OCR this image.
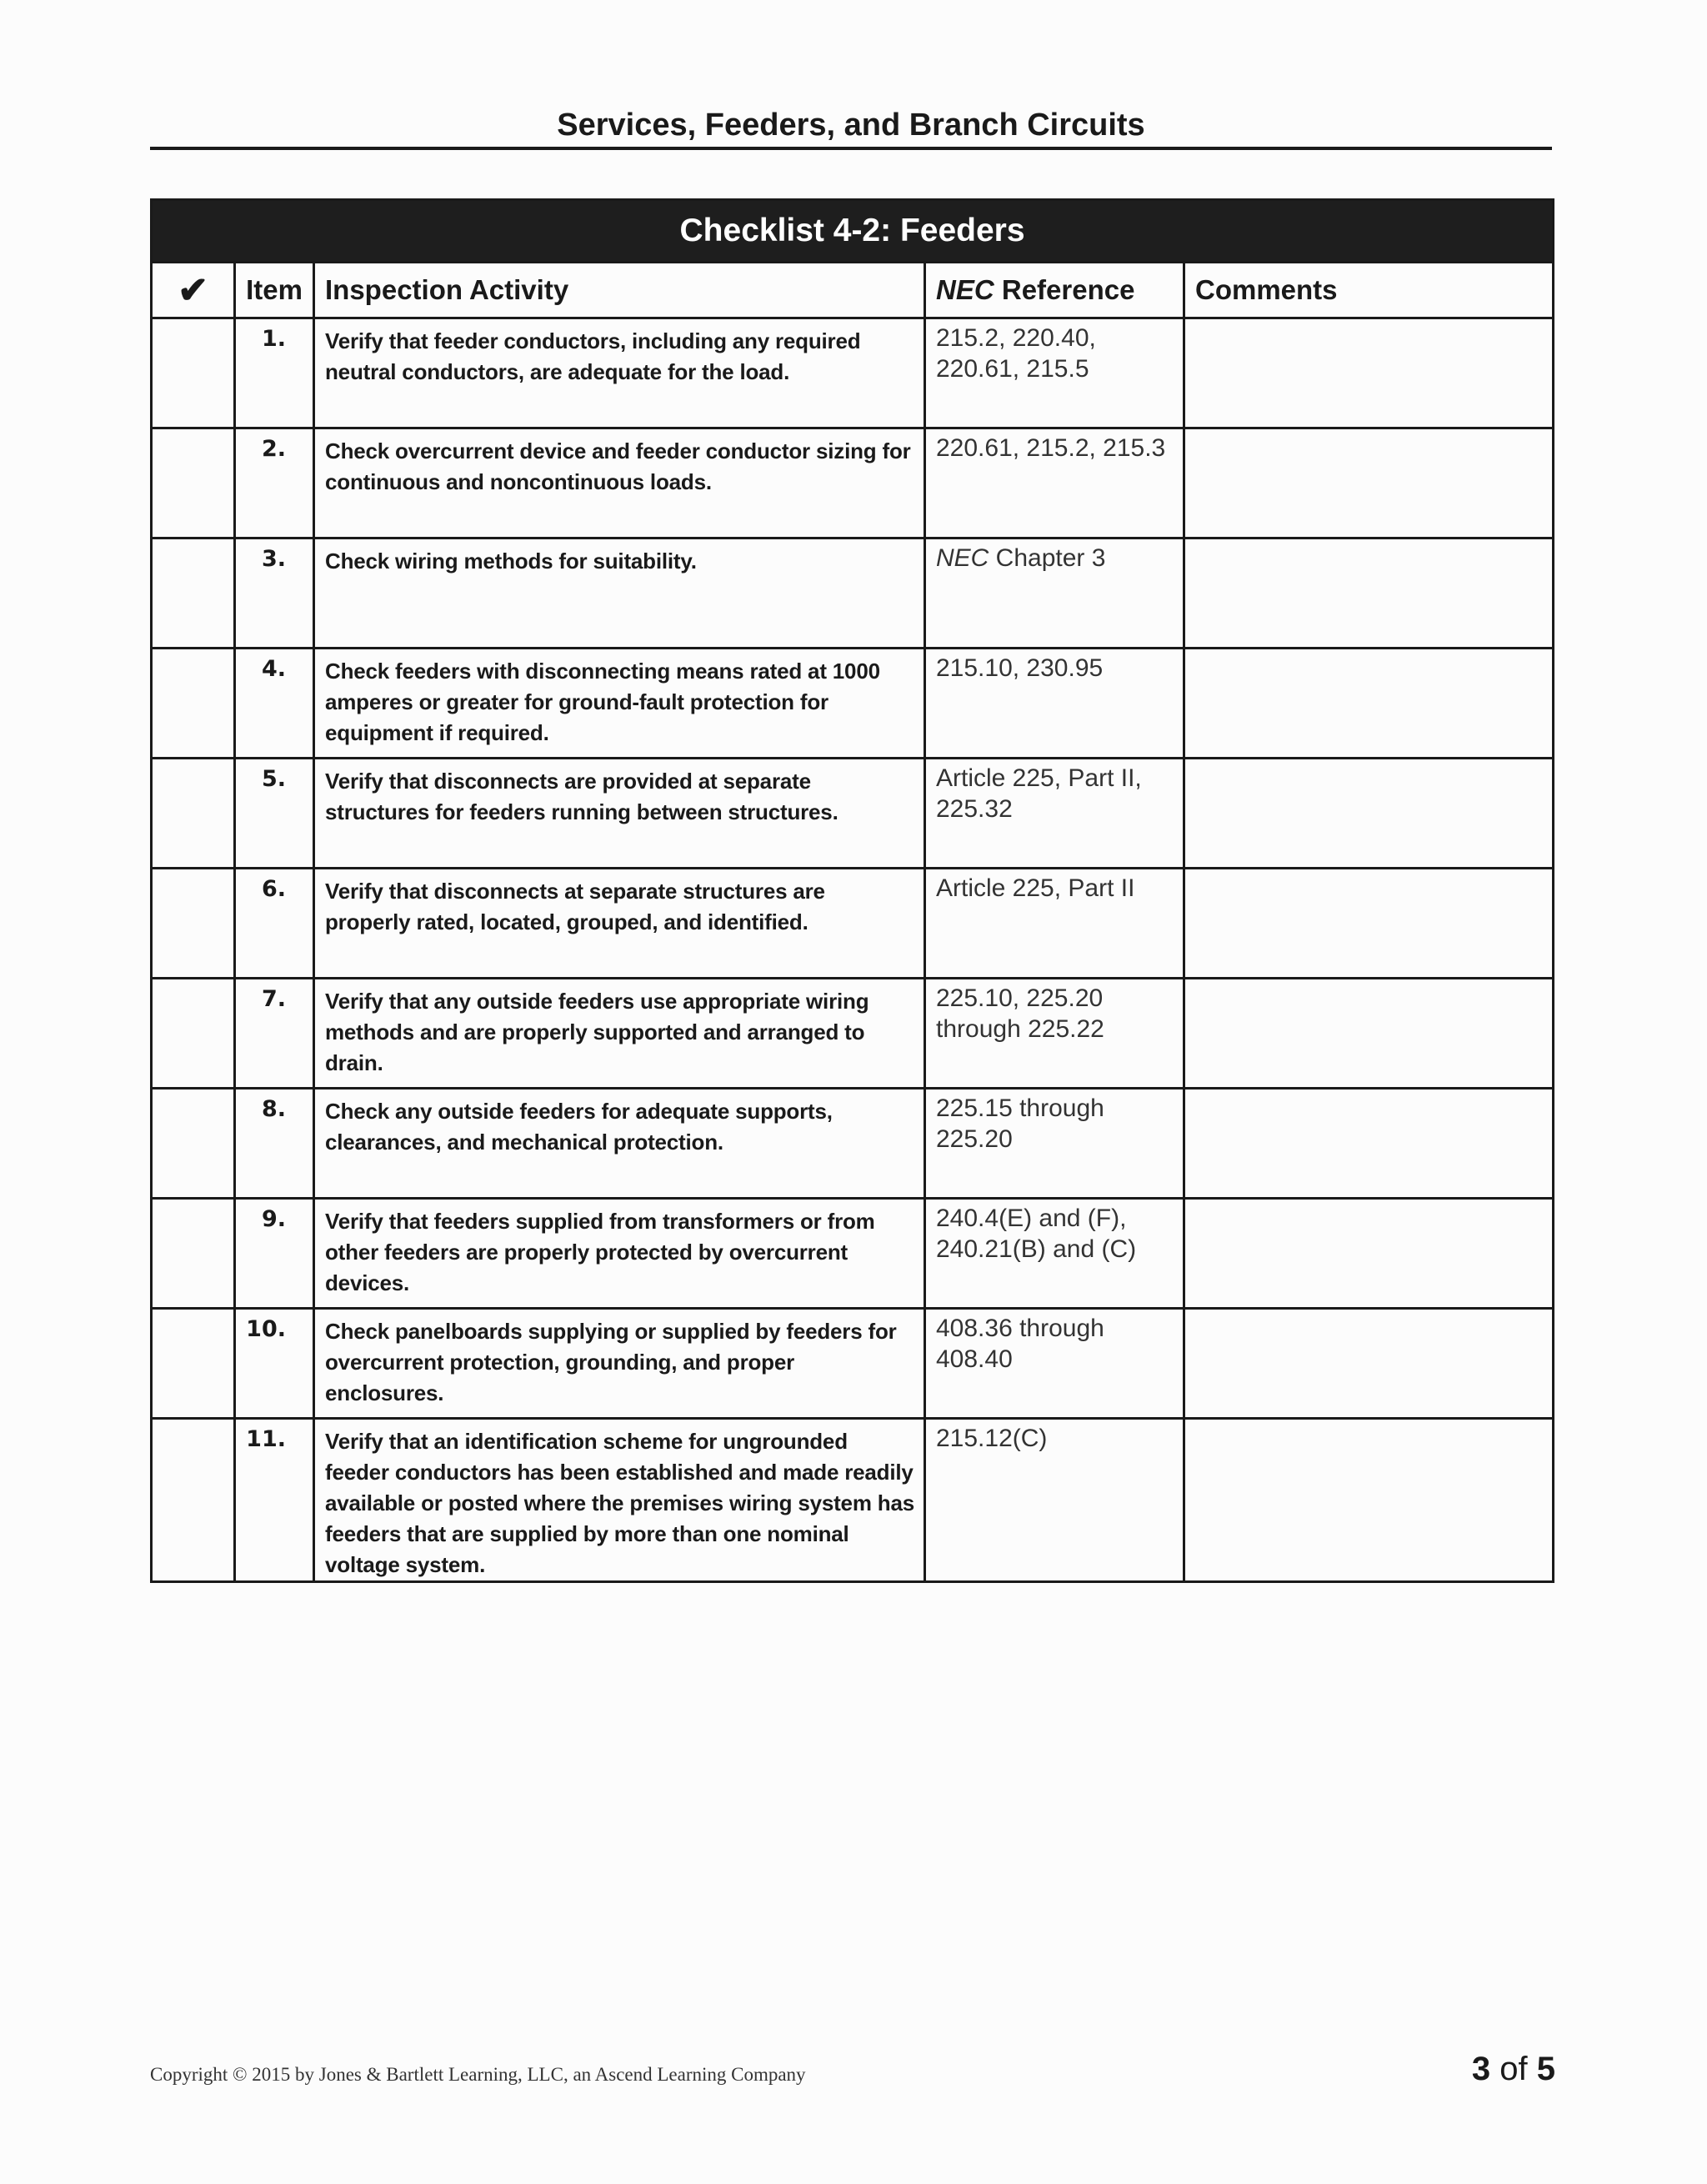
Services, Feeders, and Branch Circuits
Checklist 4-2: Feeders				
✔	Item	Inspection Activity	NEC Reference	Comments
	1.	Verify that feeder conductors, including any required neutral conductors, are adequate for the load.	215.2, 220.40, 220.61, 215.5	
	2.	Check overcurrent device and feeder conductor sizing for continuous and noncontinuous loads.	220.61, 215.2, 215.3	
	3.	Check wiring methods for suitability.	NEC Chapter 3	
	4.	Check feeders with disconnecting means rated at 1000 amperes or greater for ground-fault protection for equipment if required.	215.10, 230.95	
	5.	Verify that disconnects are provided at separate structures for feeders running between structures.	Article 225, Part II, 225.32	
	6.	Verify that disconnects at separate structures are properly rated, located, grouped, and identified.	Article 225, Part II	
	7.	Verify that any outside feeders use appropriate wiring methods and are properly supported and arranged to drain.	225.10, 225.20 through 225.22	
	8.	Check any outside feeders for adequate supports, clearances, and mechanical protection.	225.15 through 225.20	
	9.	Verify that feeders supplied from transformers or from other feeders are properly protected by overcurrent devices.	240.4(E) and (F), 240.21(B) and (C)	
	10.	Check panelboards supplying or supplied by feeders for overcurrent protection, grounding, and proper enclosures.	408.36 through 408.40	
	11.	Verify that an identification scheme for ungrounded feeder conductors has been established and made readily available or posted where the premises wiring system has feeders that are supplied by more than one nominal voltage system.	215.12(C)	
Copyright © 2015 by Jones & Bartlett Learning, LLC, an Ascend Learning Company	3 of 5
